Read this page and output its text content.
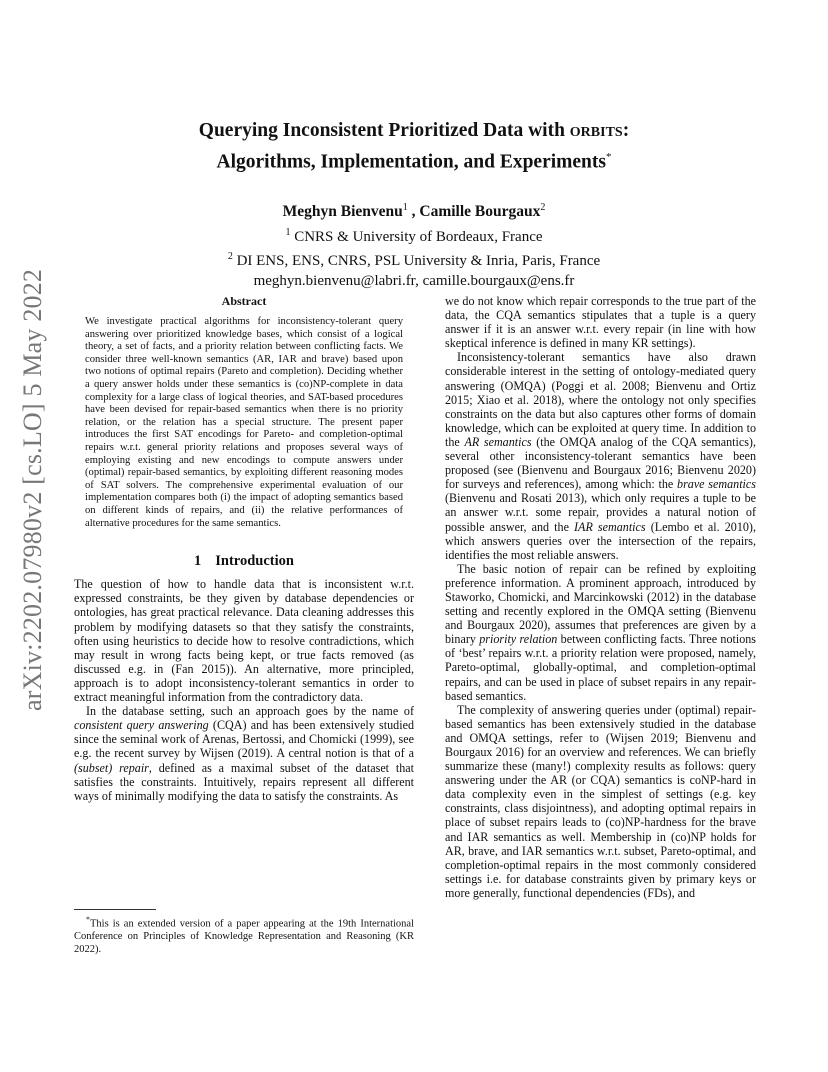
arXiv:2202.07980v2 [cs.LO] 5 May 2022
Querying Inconsistent Prioritized Data with orbits:
Algorithms, Implementation, and Experiments*
Meghyn Bienvenu$^1$ , Camille Bourgaux$^2$
$^1$ CNRS & University of Bordeaux, France
$^2$ DI ENS, ENS, CNRS, PSL University & Inria, Paris, France
meghyn.bienvenu@labri.fr, camille.bourgaux@ens.fr
Abstract
We investigate practical algorithms for inconsistency-tolerant query answering over prioritized knowledge bases, which consist of a logical theory, a set of facts, and a priority relation between conflicting facts. We consider three well-known semantics (AR, IAR and brave) based upon two notions of optimal repairs (Pareto and completion). Deciding whether a query answer holds under these semantics is (co)NP-complete in data complexity for a large class of logical theories, and SAT-based procedures have been devised for repair-based semantics when there is no priority relation, or the relation has a special structure. The present paper introduces the first SAT encodings for Pareto- and completion-optimal repairs w.r.t. general priority relations and proposes several ways of employing existing and new encodings to compute answers under (optimal) repair-based semantics, by exploiting different reasoning modes of SAT solvers. The comprehensive experimental evaluation of our implementation compares both (i) the impact of adopting semantics based on different kinds of repairs, and (ii) the relative performances of alternative procedures for the same semantics.
1 Introduction

The question of how to handle data that is inconsistent w.r.t. expressed constraints, be they given by database dependencies or ontologies, has great practical relevance. Data cleaning addresses this problem by modifying datasets so that they satisfy the constraints, often using heuristics to decide how to resolve contradictions, which may result in wrong facts being kept, or true facts removed (as discussed e.g. in (Fan 2015)). An alternative, more principled, approach is to adopt inconsistency-tolerant semantics in order to extract meaningful information from the contradictory data.

In the database setting, such an approach goes by the name of consistent query answering (CQA) and has been extensively studied since the seminal work of Arenas, Bertossi, and Chomicki (1999), see e.g. the recent survey by Wijsen (2019). A central notion is that of a (subset) repair, defined as a maximal subset of the dataset that satisfies the constraints. Intuitively, repairs represent all different ways of minimally modifying the data to satisfy the constraints. As

*This is an extended version of a paper appearing at the 19th International Conference on Principles of Knowledge Representation and Reasoning (KR 2022).

we do not know which repair corresponds to the true part of the data, the CQA semantics stipulates that a tuple is a query answer if it is an answer w.r.t. every repair (in line with how skeptical inference is defined in many KR settings).

Inconsistency-tolerant semantics have also drawn considerable interest in the setting of ontology-mediated query answering (OMQA) (Poggi et al. 2008; Bienvenu and Ortiz 2015; Xiao et al. 2018), where the ontology not only specifies constraints on the data but also captures other forms of domain knowledge, which can be exploited at query time. In addition to the AR semantics (the OMQA analog of the CQA semantics), several other inconsistency-tolerant semantics have been proposed (see (Bienvenu and Bourgaux 2016; Bienvenu 2020) for surveys and references), among which: the brave semantics (Bienvenu and Rosati 2013), which only requires a tuple to be an answer w.r.t. some repair, provides a natural notion of possible answer, and the IAR semantics (Lembo et al. 2010), which answers queries over the intersection of the repairs, identifies the most reliable answers.

The basic notion of repair can be refined by exploiting preference information. A prominent approach, introduced by Staworko, Chomicki, and Marcinkowski (2012) in the database setting and recently explored in the OMQA setting (Bienvenu and Bourgaux 2020), assumes that preferences are given by a binary priority relation between conflicting facts. Three notions of ‘best’ repairs w.r.t. a priority relation were proposed, namely, Pareto-optimal, globally-optimal, and completion-optimal repairs, and can be used in place of subset repairs in any repair-based semantics.

The complexity of answering queries under (optimal) repair-based semantics has been extensively studied in the database and OMQA settings, refer to (Wijsen 2019; Bienvenu and Bourgaux 2016) for an overview and references. We can briefly summarize these (many!) complexity results as follows: query answering under the AR (or CQA) semantics is coNP-hard in data complexity even in the simplest of settings (e.g. key constraints, class disjointness), and adopting optimal repairs in place of subset repairs leads to (co)NP-hardness for the brave and IAR semantics as well. Membership in (co)NP holds for AR, brave, and IAR semantics w.r.t. subset, Pareto-optimal, and completion-optimal repairs in the most commonly considered settings i.e. for database constraints given by primary keys or more generally, functional dependencies (FDs), and
